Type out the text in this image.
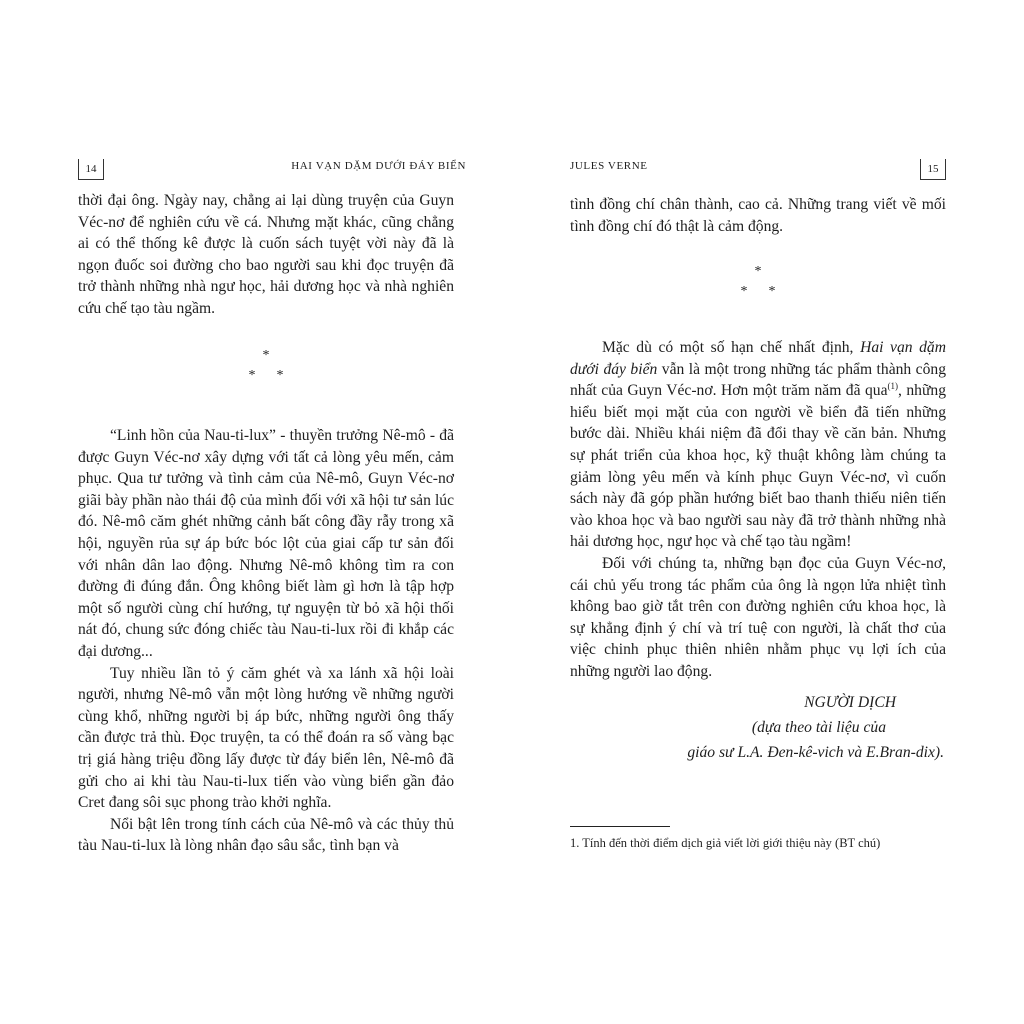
14	HAI VẠN DẶM DƯỚI ĐÁY BIỂN

thời đại ông. Ngày nay, chẳng ai lại dùng truyện của Guyn Véc-nơ để nghiên cứu về cá. Nhưng mặt khác, cũng chẳng ai có thể thống kê được là cuốn sách tuyệt vời này đã là ngọn đuốc soi đường cho bao người sau khi đọc truyện đã trở thành những nhà ngư học, hải dương học và nhà nghiên cứu chế tạo tàu ngầm.

*
*      *

“Linh hồn của Nau-ti-lux” - thuyền trưởng Nê-mô - đã được Guyn Véc-nơ xây dựng với tất cả lòng yêu mến, cảm phục. Qua tư tưởng và tình cảm của Nê-mô, Guyn Véc-nơ giãi bày phần nào thái độ của mình đối với xã hội tư sản lúc đó. Nê-mô căm ghét những cảnh bất công đầy rẫy trong xã hội, nguyền rủa sự áp bức bóc lột của giai cấp tư sản đối với nhân dân lao động. Nhưng Nê-mô không tìm ra con đường đi đúng đắn. Ông không biết làm gì hơn là tập hợp một số người cùng chí hướng, tự nguyện từ bỏ xã hội thối nát đó, chung sức đóng chiếc tàu Nau-ti-lux rồi đi khắp các đại dương...

Tuy nhiều lần tỏ ý căm ghét và xa lánh xã hội loài người, nhưng Nê-mô vẫn một lòng hướng về những người cùng khổ, những người bị áp bức, những người ông thấy cần được trả thù. Đọc truyện, ta có thể đoán ra số vàng bạc trị giá hàng triệu đồng lấy được từ đáy biển lên, Nê-mô đã gửi cho ai khi tàu Nau-ti-lux tiến vào vùng biển gần đảo Cret đang sôi sục phong trào khởi nghĩa.

Nổi bật lên trong tính cách của Nê-mô và các thủy thủ tàu Nau-ti-lux là lòng nhân đạo sâu sắc, tình bạn và

JULES VERNE	15

tình đồng chí chân thành, cao cả. Những trang viết về mối tình đồng chí đó thật là cảm động.

*
*      *

Mặc dù có một số hạn chế nhất định, Hai vạn dặm dưới đáy biển vẫn là một trong những tác phẩm thành công nhất của Guyn Véc-nơ. Hơn một trăm năm đã qua$^{(1)}$, những hiểu biết mọi mặt của con người về biển đã tiến những bước dài. Nhiều khái niệm đã đổi thay về căn bản. Nhưng sự phát triển của khoa học, kỹ thuật không làm chúng ta giảm lòng yêu mến và kính phục Guyn Véc-nơ, vì cuốn sách này đã góp phần hướng biết bao thanh thiếu niên tiến vào khoa học và bao người sau này đã trở thành những nhà hải dương học, ngư học và chế tạo tàu ngầm!

Đối với chúng ta, những bạn đọc của Guyn Véc-nơ, cái chủ yếu trong tác phẩm của ông là ngọn lửa nhiệt tình không bao giờ tắt trên con đường nghiên cứu khoa học, là sự khẳng định ý chí và trí tuệ con người, là chất thơ của việc chinh phục thiên nhiên nhằm phục vụ lợi ích của những người lao động.

NGƯỜI DỊCH
(dựa theo tài liệu của
giáo sư L.A. Đen-kê-vich và E.Bran-dix).
1. Tính đến thời điểm dịch giả viết lời giới thiệu này (BT chú)
